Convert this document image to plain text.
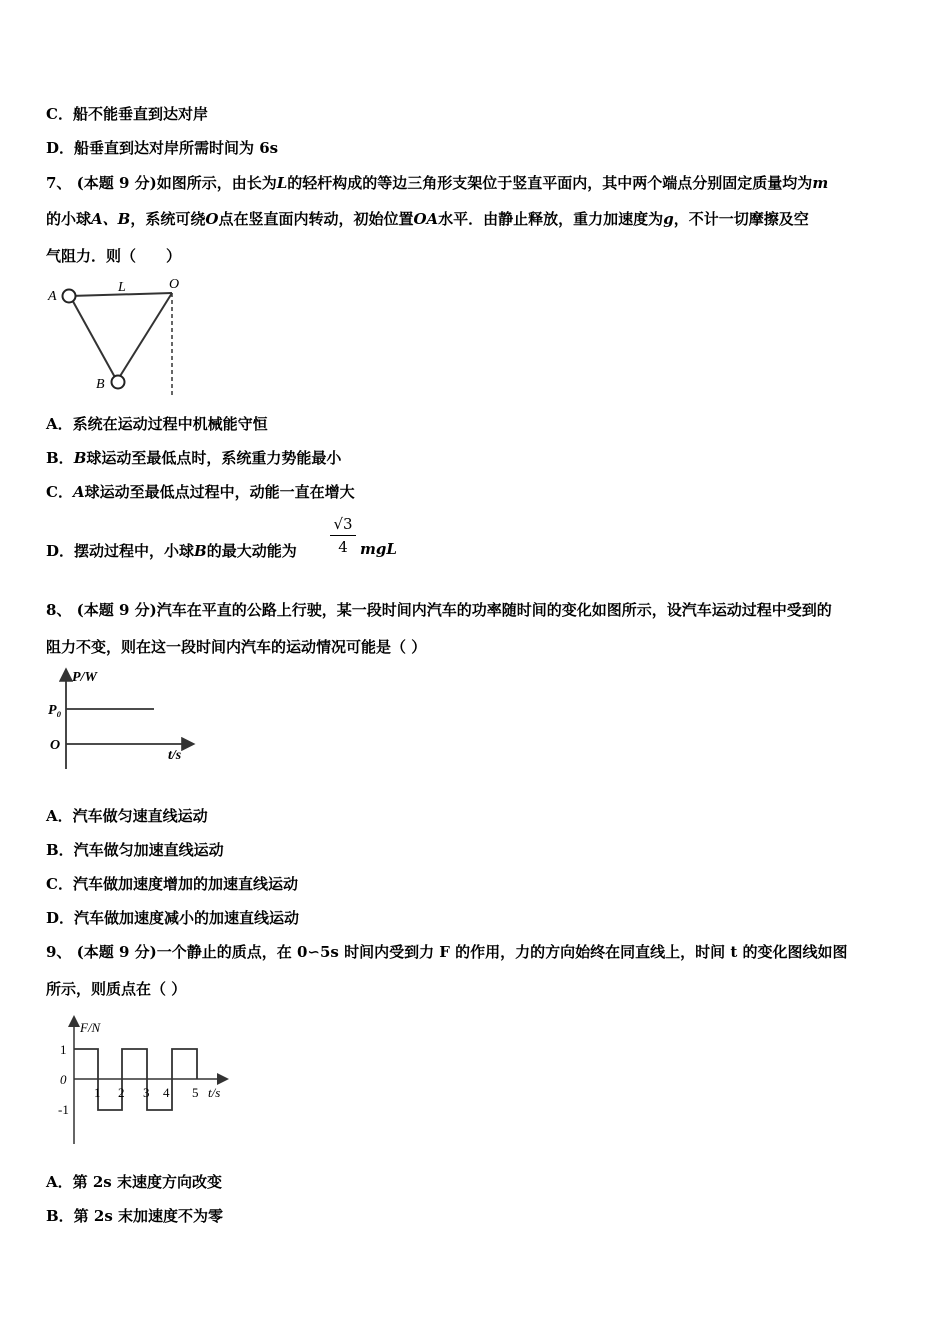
C．船不能垂直到达对岸
D．船垂直到达对岸所需时间为 6s
7、 (本题 9 分)如图所示，由长为L的轻杆构成的等边三角形支架位于竖直平面内，其中两个端点分别固定质量均为m
的小球A、B，系统可绕O点在竖直面内转动，初始位置OA水平．由静止释放，重力加速度为g，不计一切摩擦及空
气阻力．则（　　）
A
L	O
B
A．系统在运动过程中机械能守恒
B．B球运动至最低点时，系统重力势能最小
C．A球运动至最低点过程中，动能一直在增大
D．摆动过程中，小球B的最大动能为 $\frac{√3}{4}$ mgL
8、 (本题 9 分)汽车在平直的公路上行驶，某一段时间内汽车的功率随时间的变化如图所示，设汽车运动过程中受到的
阻力不变，则在这一段时间内汽车的运动情况可能是（ ）
P/W
P₀
O
t/s
A．汽车做匀速直线运动
B．汽车做匀加速直线运动
C．汽车做加速度增加的加速直线运动
D．汽车做加速度减小的加速直线运动
9、 (本题 9 分)一个静止的质点，在 0∽5s 时间内受到力 F 的作用，力的方向始终在同直线上，时间 t 的变化图线如图
所示，则质点在（ ）
F/N
1
0
-1
1 2 3 4 5 t/s
A．第 2s 末速度方向改变
B．第 2s 末加速度不为零
